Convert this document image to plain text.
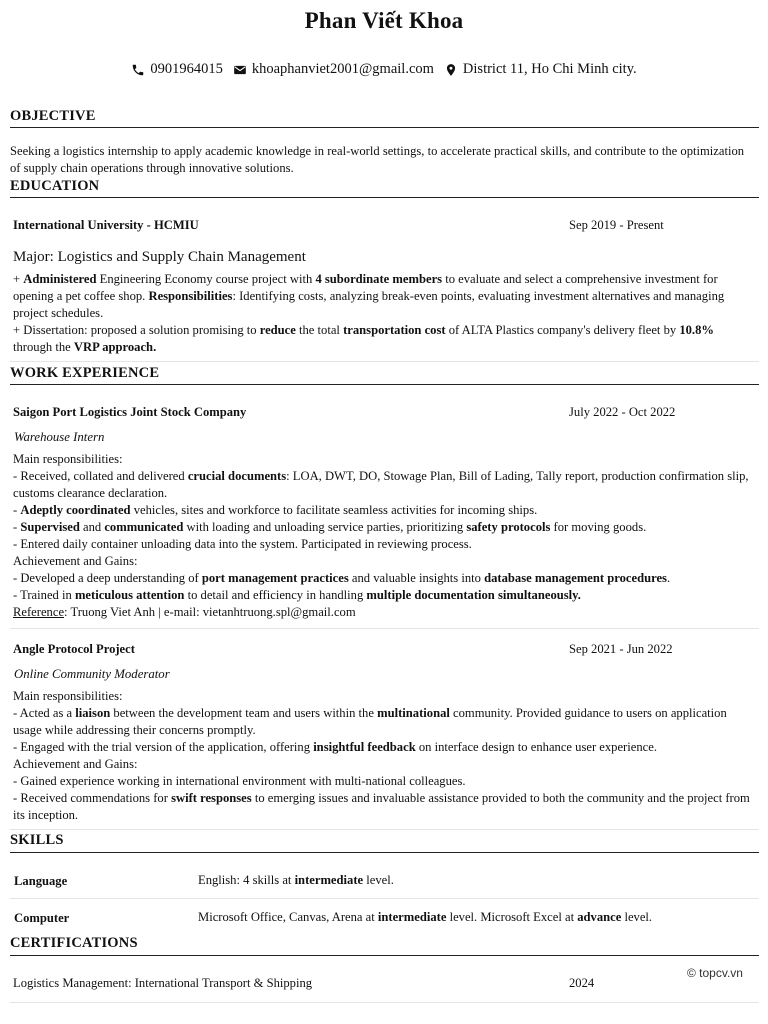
Phan Viết Khoa
0901964015 khoaphanviet2001@gmail.com District 11, Ho Chi Minh city.
OBJECTIVE
Seeking a logistics internship to apply academic knowledge in real-world settings, to accelerate practical skills, and contribute to the optimization of supply chain operations through innovative solutions.
EDUCATION
International University - HCMIU	Sep 2019 - Present
Major: Logistics and Supply Chain Management
+ Administered Engineering Economy course project with 4 subordinate members to evaluate and select a comprehensive investment for opening a pet coffee shop. Responsibilities: Identifying costs, analyzing break-even points, evaluating investment alternatives and managing project schedules.
+ Dissertation: proposed a solution promising to reduce the total transportation cost of ALTA Plastics company's delivery fleet by 10.8% through the VRP approach.
WORK EXPERIENCE
Saigon Port Logistics Joint Stock Company	July 2022 - Oct 2022
Warehouse Intern
Main responsibilities:
- Received, collated and delivered crucial documents: LOA, DWT, DO, Stowage Plan, Bill of Lading, Tally report, production confirmation slip, customs clearance declaration.
- Adeptly coordinated vehicles, sites and workforce to facilitate seamless activities for incoming ships.
- Supervised and communicated with loading and unloading service parties, prioritizing safety protocols for moving goods.
- Entered daily container unloading data into the system. Participated in reviewing process.
Achievement and Gains:
- Developed a deep understanding of port management practices and valuable insights into database management procedures.
- Trained in meticulous attention to detail and efficiency in handling multiple documentation simultaneously.
Reference: Truong Viet Anh | e-mail: vietanhtruong.spl@gmail.com
Angle Protocol Project	Sep 2021 - Jun 2022
Online Community Moderator
Main responsibilities:
- Acted as a liaison between the development team and users within the multinational community. Provided guidance to users on application usage while addressing their concerns promptly.
- Engaged with the trial version of the application, offering insightful feedback on interface design to enhance user experience.
Achievement and Gains:
- Gained experience working in international environment with multi-national colleagues.
- Received commendations for swift responses to emerging issues and invaluable assistance provided to both the community and the project from its inception.
SKILLS
Language	English: 4 skills at intermediate level.
Computer	Microsoft Office, Canvas, Arena at intermediate level. Microsoft Excel at advance level.
CERTIFICATIONS
© topcv.vn
Logistics Management: International Transport & Shipping	2024
